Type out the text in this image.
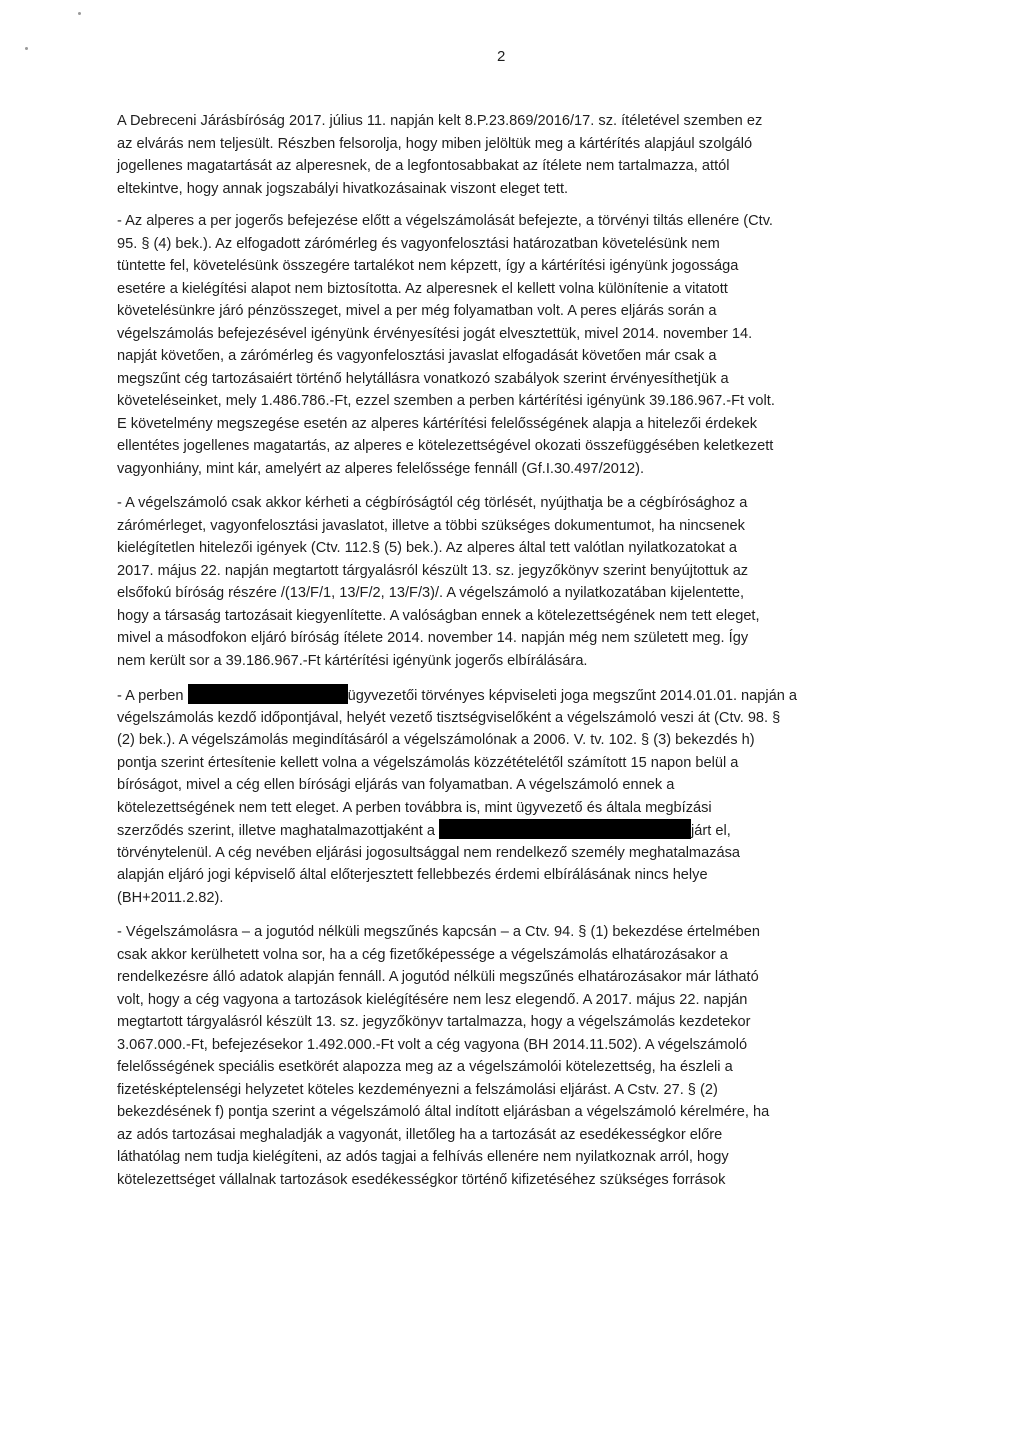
2
A Debreceni Járásbíróság 2017. július 11. napján kelt 8.P.23.869/2016/17. sz. ítéletével szemben ez
az elvárás nem teljesült. Részben felsorolja, hogy miben jelöltük meg a kártérítés alapjául szolgáló
jogellenes magatartását az alperesnek, de a legfontosabbakat az ítélete nem tartalmazza, attól
eltekintve, hogy annak jogszabályi hivatkozásainak viszont eleget tett.
- Az alperes a per jogerős befejezése előtt a végelszámolását befejezte, a törvényi tiltás ellenére (Ctv.
95. § (4) bek.). Az elfogadott zárómérleg és vagyonfelosztási határozatban követelésünk nem
tüntette fel, követelésünk összegére tartalékot nem képzett, így a kártérítési igényünk jogossága
esetére a kielégítési alapot nem biztosította. Az alperesnek el kellett volna különítenie a vitatott
követelésünkre járó pénzösszeget, mivel a per még folyamatban volt. A peres eljárás során a
végelszámolás befejezésével igényünk érvényesítési jogát elvesztettük, mivel 2014. november 14.
napját követően, a zárómérleg és vagyonfelosztási javaslat elfogadását követően már csak a
megszűnt cég tartozásaiért történő helytállásra vonatkozó szabályok szerint érvényesíthetjük a
követeléseinket, mely 1.486.786.-Ft, ezzel szemben a perben kártérítési igényünk 39.186.967.-Ft volt.
E követelmény megszegése esetén az alperes kártérítési felelősségének alapja a hitelezői érdekek
ellentétes jogellenes magatartás, az alperes e kötelezettségével okozati összefüggésében keletkezett
vagyonhiány, mint kár, amelyért az alperes felelőssége fennáll (Gf.I.30.497/2012).
- A végelszámoló csak akkor kérheti a cégbíróságtól cég törlését, nyújthatja be a cégbírósághoz a
zárómérleget, vagyonfelosztási javaslatot, illetve a többi szükséges dokumentumot, ha nincsenek
kielégítetlen hitelezői igények (Ctv. 112.§ (5) bek.). Az alperes által tett valótlan nyilatkozatokat a
2017. május 22. napján megtartott tárgyalásról készült 13. sz. jegyzőkönyv szerint benyújtottuk az
elsőfokú bíróság részére /(13/F/1, 13/F/2, 13/F/3)/. A végelszámoló a nyilatkozatában kijelentette,
hogy a társaság tartozásait kiegyenlítette. A valóságban ennek a kötelezettségének nem tett eleget,
mivel a másodfokon eljáró bíróság ítélete 2014. november 14. napján még nem született meg. Így
nem került sor a 39.186.967.-Ft kártérítési igényünk jogerős elbírálására.
- A perben	ügyvezetői törvényes képviseleti joga megszűnt 2014.01.01. napján a
végelszámolás kezdő időpontjával, helyét vezető tisztségviselőként a végelszámoló veszi át (Ctv. 98. §
(2) bek.). A végelszámolás megindításáról a végelszámolónak a 2006. V. tv. 102. § (3) bekezdés h)
pontja szerint értesítenie kellett volna a végelszámolás közzétételétől számított 15 napon belül a
bíróságot, mivel a cég ellen bírósági eljárás van folyamatban. A végelszámoló ennek a
kötelezettségének nem tett eleget. A perben továbbra is, mint ügyvezető és általa megbízási
szerződés szerint, illetve maghatalmazottjaként a	járt el,
törvénytelenül. A cég nevében eljárási jogosultsággal nem rendelkező személy meghatalmazása
alapján eljáró jogi képviselő által előterjesztett fellebbezés érdemi elbírálásának nincs helye
(BH+2011.2.82).
- Végelszámolásra – a jogutód nélküli megszűnés kapcsán – a Ctv. 94. § (1) bekezdése értelmében
csak akkor kerülhetett volna sor, ha a cég fizetőképessége a végelszámolás elhatározásakor a
rendelkezésre álló adatok alapján fennáll. A jogutód nélküli megszűnés elhatározásakor már látható
volt, hogy a cég vagyona a tartozások kielégítésére nem lesz elegendő. A 2017. május 22. napján
megtartott tárgyalásról készült 13. sz. jegyzőkönyv tartalmazza, hogy a végelszámolás kezdetekor
3.067.000.-Ft, befejezésekor 1.492.000.-Ft volt a cég vagyona (BH 2014.11.502). A végelszámoló
felelősségének speciális esetkörét alapozza meg az a végelszámolói kötelezettség, ha észleli a
fizetésképtelenségi helyzetet köteles kezdeményezni a felszámolási eljárást. A Cstv. 27. § (2)
bekezdésének f) pontja szerint a végelszámoló által indított eljárásban a végelszámoló kérelmére, ha
az adós tartozásai meghaladják a vagyonát, illetőleg ha a tartozását az esedékességkor előre
láthatólag nem tudja kielégíteni, az adós tagjai a felhívás ellenére nem nyilatkoznak arról, hogy
kötelezettséget vállalnak tartozások esedékességkor történő kifizetéséhez szükséges források
